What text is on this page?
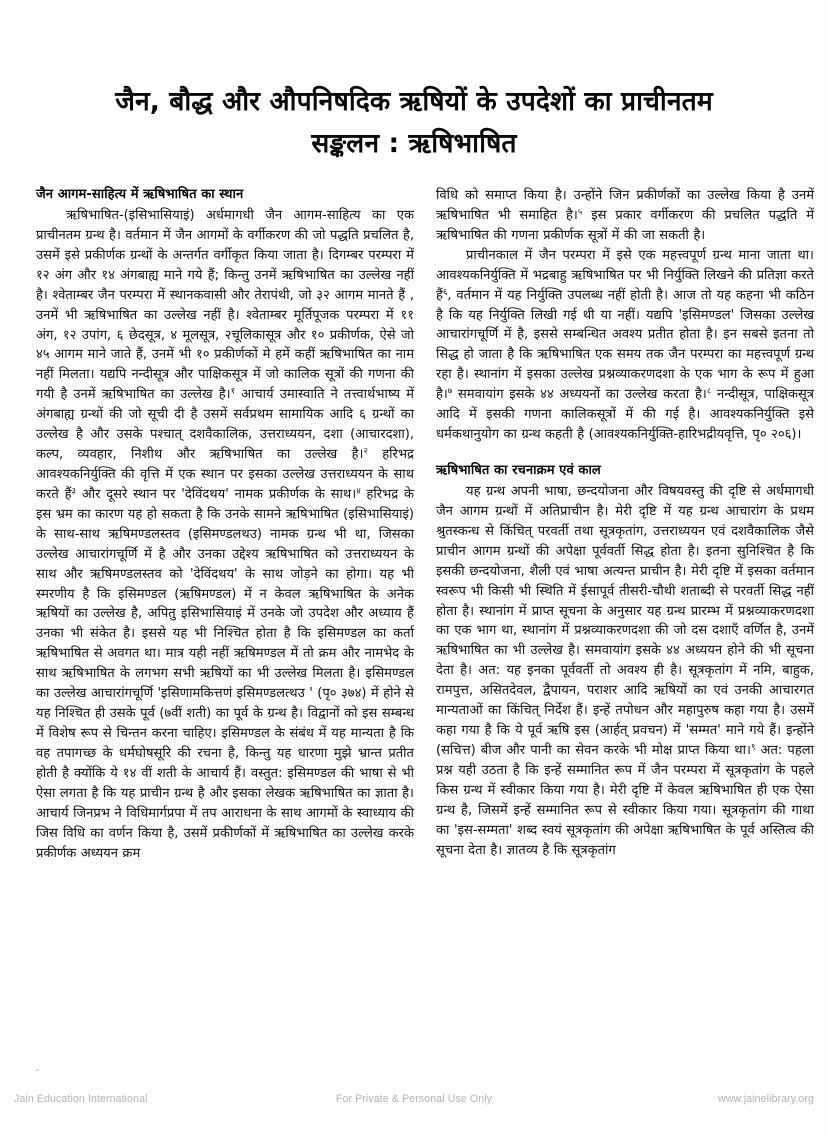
जैन, बौद्ध और औपनिषदिक ऋषियों के उपदेशों का प्राचीनतम
सङ्कलन : ऋषिभाषित
जैन आगम-साहित्य में ऋषिभाषित का स्थान

ऋषिभाषित-(इसिभासियाइं) अर्धमागधी जैन आगम-साहित्य का एक प्राचीनतम ग्रन्थ है। वर्तमान में जैन आगमों के वर्गीकरण की जो पद्धति प्रचलित है, उसमें इसे प्रकीर्णक ग्रन्थों के अन्तर्गत वर्गीकृत किया जाता है। दिगम्बर परम्परा में १२ अंग और १४ अंगबाह्य माने गये हैं; किन्तु उनमें ऋषिभाषित का उल्लेख नहीं है। श्वेताम्बर जैन परम्परा में स्थानकवासी और तेरापंथी, जो ३२ आगम मानते हैं , उनमें भी ऋषिभाषित का उल्लेख नहीं है। श्वेताम्बर मूर्तिपूजक परम्परा में ११ अंग, १२ उपांग, ६ छेदसूत्र, ४ मूलसूत्र, २चूलिकासूत्र और १० प्रकीर्णक, ऐसे जो ४५ आगम माने जाते हैं, उनमें भी १० प्रकीर्णकों मे हमें कहीं ऋषिभाषित का नाम नहीं मिलता। यद्यपि नन्दीसूत्र और पाक्षिकसूत्र में जो कालिक सूत्रों की गणना की गयी है उनमें ऋषिभाषित का उल्लेख है।$^१$ आचार्य उमास्वाति ने तत्त्वार्थभाष्य में अंगबाह्य ग्रन्थों की जो सूची दी है उसमें सर्वप्रथम सामायिक आदि ६ ग्रन्थों का उल्लेख है और उसके पश्चात् दशवैकालिक, उत्तराध्ययन, दशा (आचारदशा), कल्प, व्यवहार, निशीथ और ऋषिभाषित का उल्लेख है।$^२$ हरिभद्र आवश्यकनिर्युक्ति की वृत्ति में एक स्थान पर इसका उल्लेख उत्तराध्ययन के साथ करते हैं$^३$ और दूसरे स्थान पर 'देविंदथय' नामक प्रकीर्णक के साथ।$^४$ हरिभद्र के इस भ्रम का कारण यह हो सकता है कि उनके सामने ऋषिभाषित (इसिभासियाइं) के साथ-साथ ऋषिमण्डलस्तव (इसिमण्डलथउ) नामक ग्रन्थ भी था, जिसका उल्लेख आचारांगचूर्णि में है और उनका उद्देश्य ऋषिभाषित को उत्तराध्ययन के साथ और ऋषिमण्डलस्तव को 'देविंदथय' के साथ जोड़ने का होगा। यह भी स्मरणीय है कि इसिमण्डल (ऋषिमण्डल) में न केवल ऋषिभाषित के अनेक ऋषियों का उल्लेख है, अपितु इसिभासियाइं में उनके जो उपदेश और अध्याय हैं उनका भी संकेत है। इससे यह भी निश्चित होता है कि इसिमण्डल का कर्ता ऋषिभाषित से अवगत था। मात्र यही नहीं ऋषिमण्डल में तो क्रम और नामभेद के साथ ऋषिभाषित के लगभग सभी ऋषियों का भी उल्लेख मिलता है। इसिमण्डल का उल्लेख आचारांगचूर्णि 'इसिणामकित्तणं इसिमण्डलत्थउ ' (पृ० ३७४) में होने से यह निश्चित ही उसके पूर्व (७वीं शती) का पूर्व के ग्रन्थ है। विद्वानों को इस सम्बन्ध में विशेष रूप से चिन्तन करना चाहिए। इसिमण्डल के संबंध में यह मान्यता है कि वह तपागच्छ के धर्मघोषसूरि की रचना है, किन्तु यह धारणा मुझे भ्रान्त प्रतीत होती है क्योंकि ये १४ वीं शती के आचार्य हैं। वस्तुत: इसिमण्डल की भाषा से भी ऐसा लगता है कि यह प्राचीन ग्रन्थ है और इसका लेखक ऋषिभाषित का ज्ञाता है। आचार्य जिनप्रभ ने विधिमार्गप्रपा में तप आराधना के साथ आगमों के स्वाध्याय की जिस विधि का वर्णन किया है, उसमें प्रकीर्णकों में ऋषिभाषित का उल्लेख करके प्रकीर्णक अध्ययन क्रम

विधि को समाप्त किया है। उन्होंने जिन प्रकीर्णकों का उल्लेख किया है उनमें ऋषिभाषित भी समाहित है।$^५$ इस प्रकार वर्गीकरण की प्रचलित पद्धति में ऋषिभाषित की गणना प्रकीर्णक सूत्रों में की जा सकती है।

प्राचीनकाल में जैन परम्परा में इसे एक महत्त्वपूर्ण ग्रन्थ माना जाता था। आवश्यकनिर्युक्ति में भद्रबाहु ऋषिभाषित पर भी निर्युक्ति लिखने की प्रतिज्ञा करते हैं$^६$, वर्तमान में यह निर्युक्ति उपलब्ध नहीं होती है। आज तो यह कहना भी कठिन है कि यह निर्युक्ति लिखी गई थी या नहीं। यद्यपि 'इसिमण्डल' जिसका उल्लेख आचारांगचूर्णि में है, इससे सम्बन्धित अवश्य प्रतीत होता है। इन सबसे इतना तो सिद्ध हो जाता है कि ऋषिभाषित एक समय तक जैन परम्परा का महत्त्वपूर्ण ग्रन्थ रहा है। स्थानांग में इसका उल्लेख प्रश्नव्याकरणदशा के एक भाग के रूप में हुआ है।$^७$ समवायांग इसके ४४ अध्ययनों का उल्लेख करता है।$^८$ नन्दीसूत्र, पाक्षिकसूत्र आदि में इसकी गणना कालिकसूत्रों में की गई है। आवश्यकनिर्युक्ति इसे धर्मकथानुयोग का ग्रन्थ कहती है (आवश्यकनिर्युक्ति-हारिभद्रीयवृत्ति, पृ० २०६)।

ऋषिभाषित का रचनाक्रम एवं काल

यह ग्रन्थ अपनी भाषा, छन्दयोजना और विषयवस्तु की दृष्टि से अर्धमागधी जैन आगम ग्रन्थों में अतिप्राचीन है। मेरी दृष्टि में यह ग्रन्थ आचारांग के प्रथम श्रुतस्कन्ध से किंचित् परवर्ती तथा सूत्रकृतांग, उत्तराध्ययन एवं दशवैकालिक जैसे प्राचीन आगम ग्रन्थों की अपेक्षा पूर्ववर्ती सिद्ध होता है। इतना सुनिश्चित है कि इसकी छन्दयोजना, शैली एवं भाषा अत्यन्त प्राचीन है। मेरी दृष्टि में इसका वर्तमान स्वरूप भी किसी भी स्थिति में ईसापूर्व तीसरी-चौथी शताब्दी से परवर्ती सिद्ध नहीं होता है। स्थानांग में प्राप्त सूचना के अनुसार यह ग्रन्थ प्रारम्भ में प्रश्नव्याकरणदशा का एक भाग था, स्थानांग में प्रश्नव्याकरणदशा की जो दस दशाएँ वर्णित है, उनमें ऋषिभाषित का भी उल्लेख है। समवायांग इसके ४४ अध्ययन होने की भी सूचना देता है। अत: यह इनका पूर्ववर्ती तो अवश्य ही है। सूत्रकृतांग में नमि, बाहुक, रामपुत्त, असितदेवल, द्वैपायन, पराशर आदि ऋषियों का एवं उनकी आचारगत मान्यताओं का किंचित् निर्देश हैं। इन्हें तपोधन और महापुरुष कहा गया है। उसमें कहा गया है कि ये पूर्व ऋषि इस (आर्हत् प्रवचन) में 'सम्मत' माने गये हैं। इन्होंने (सचित्त) बीज और पानी का सेवन करके भी मोक्ष प्राप्त किया था।$^९$ अत: पहला प्रश्न यही उठता है कि इन्हें सम्मानित रूप में जैन परम्परा में सूत्रकृतांग के पहले किस ग्रन्थ में स्वीकार किया गया है। मेरी दृष्टि में केवल ऋषिभाषित ही एक ऐसा ग्रन्थ है, जिसमें इन्हें सम्मानित रूप से स्वीकार किया गया। सूत्रकृतांग की गाथा का 'इस-सम्मता' शब्द स्वयं सूत्रकृतांग की अपेक्षा ऋषिभाषित के पूर्व अस्तित्व की सूचना देता है। ज्ञातव्य है कि सूत्रकृतांग

Jain Education International	For Private & Personal Use Only	www.jainelibrary.org
